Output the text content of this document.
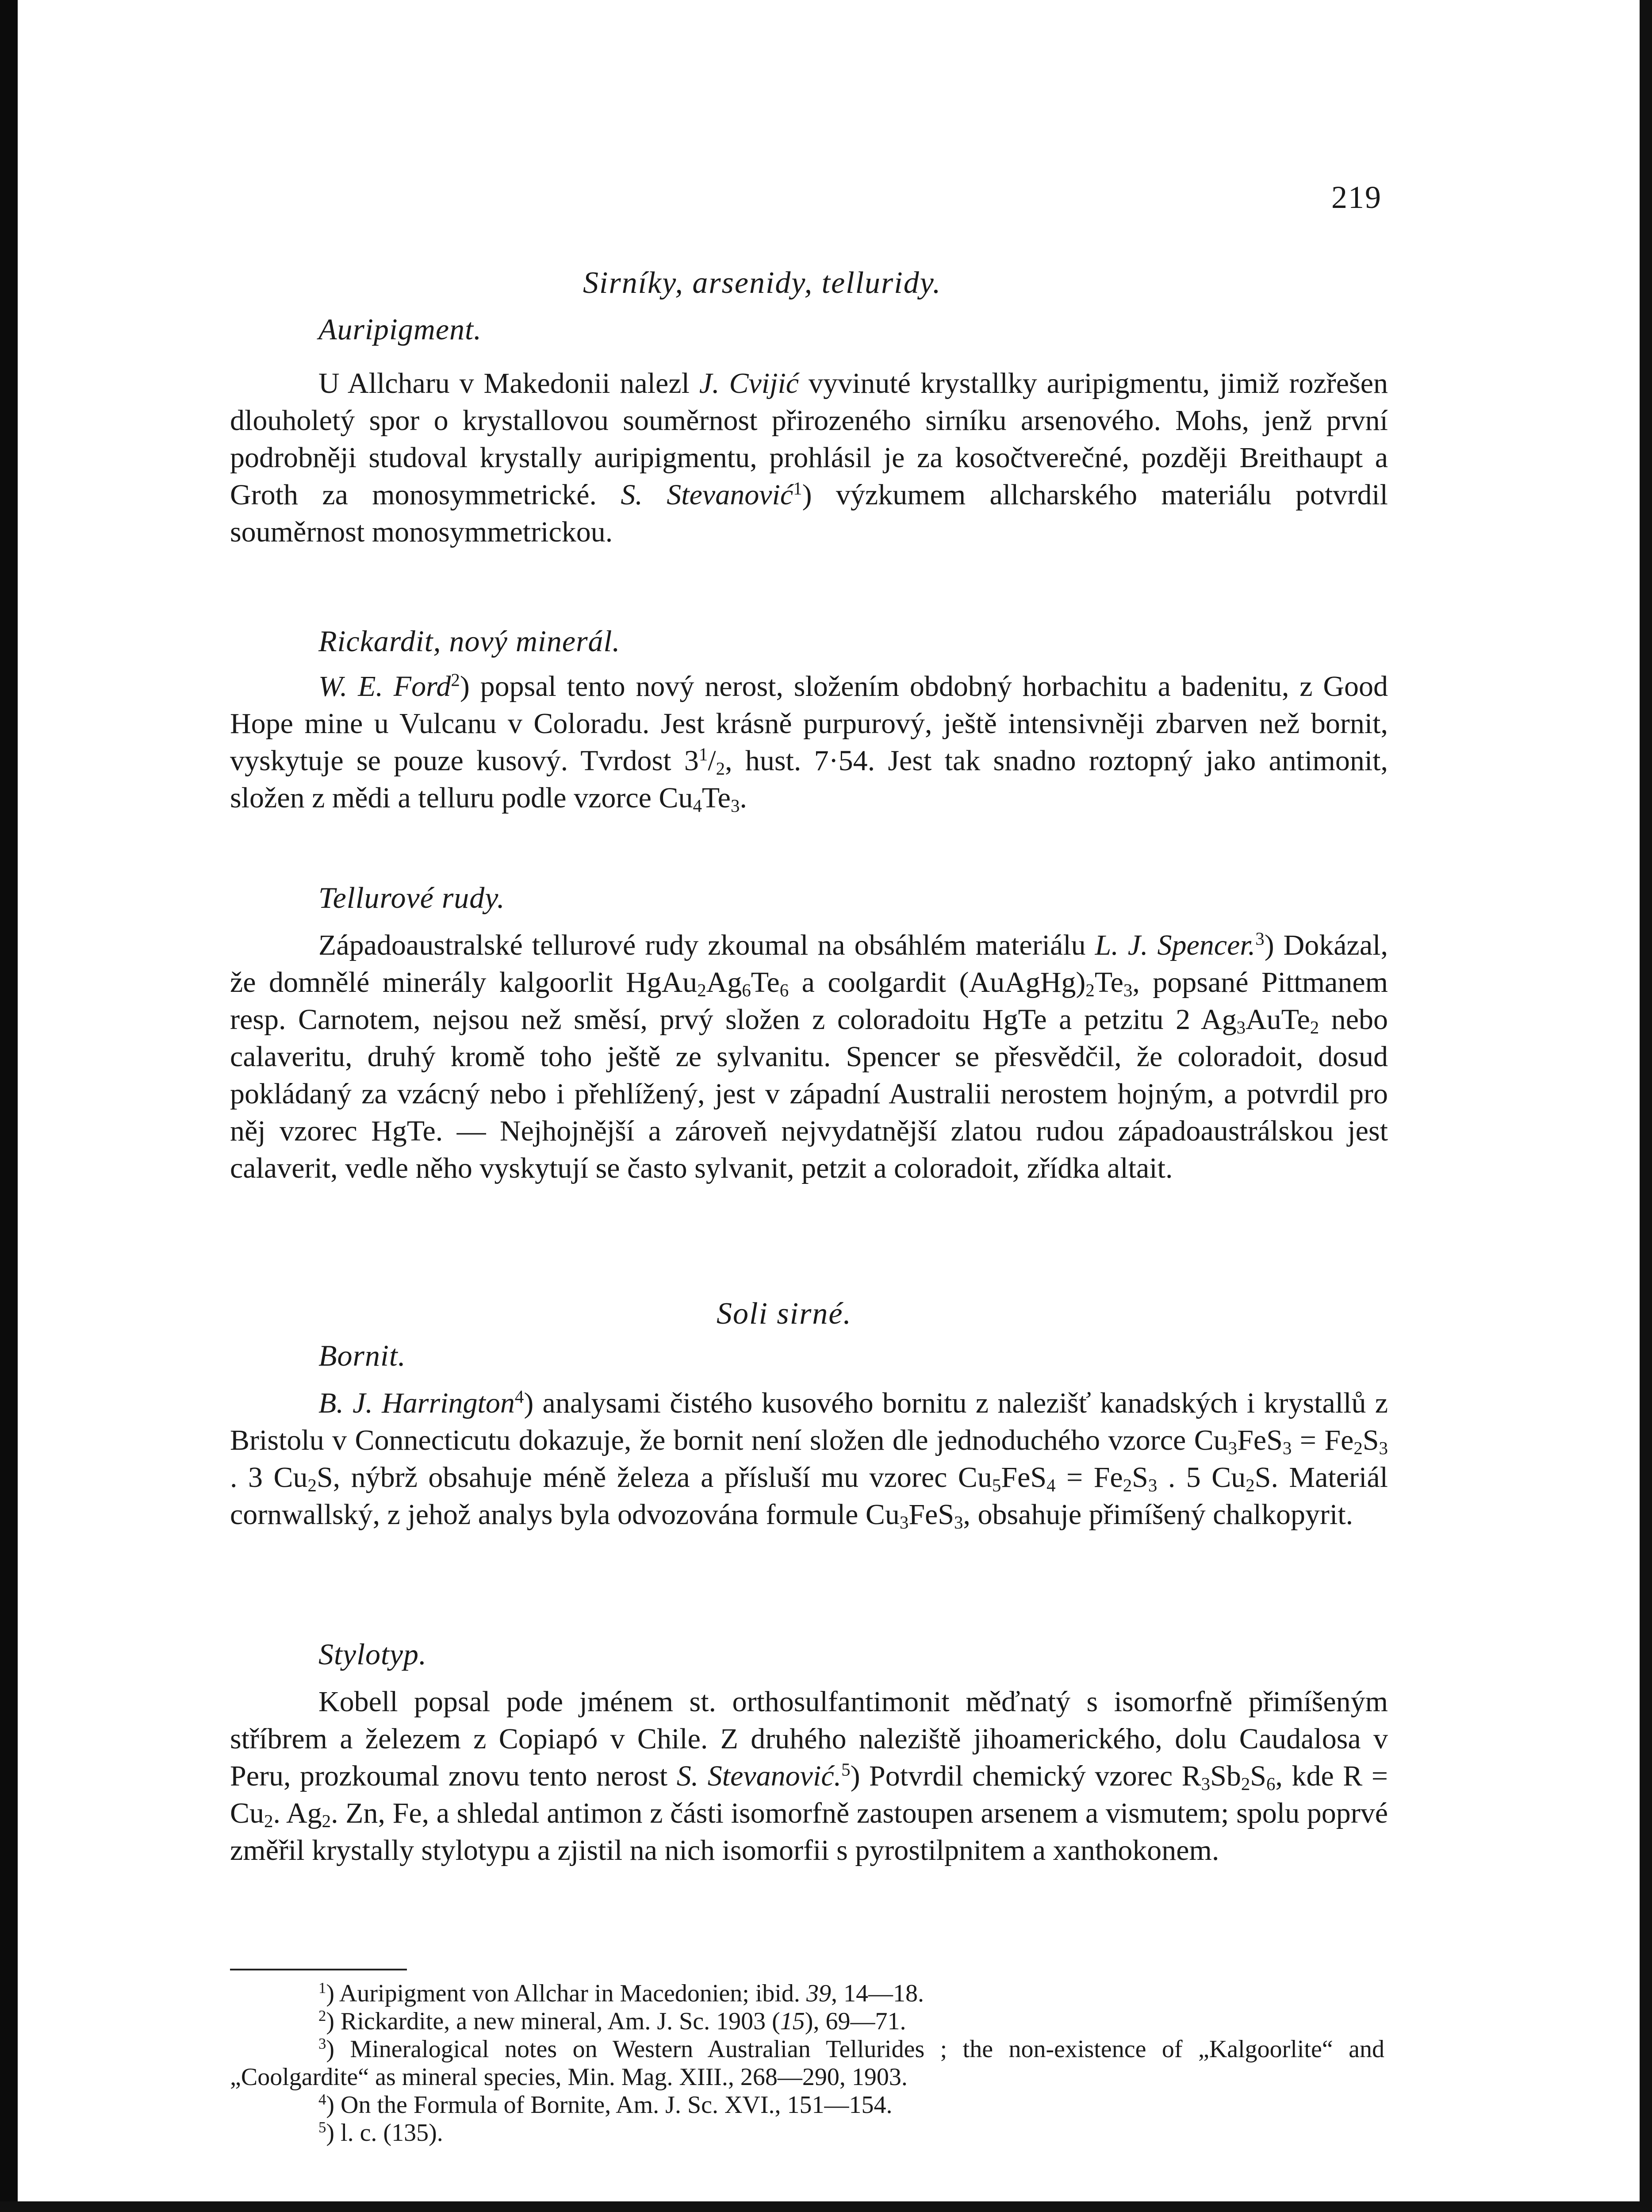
219
Sirníky, arsenidy, telluridy.
Auripigment.

U Allcharu v Makedonii nalezl J. Cvijić vyvinuté krystallky auripigmentu, jimiž rozřešen dlouholetý spor o krystallovou souměrnost přirozeného sirníku arsenového. Mohs, jenž první podrobněji studoval krystally auripigmentu, prohlásil je za kosočtverečné, později Breithaupt a Groth za monosymmetrické. S. Stevanović$^1$) výzkumem allcharského materiálu potvrdil souměrnost monosymmetrickou.

Rickardit, nový minerál.

W. E. Ford$^2$) popsal tento nový nerost, složením obdobný horbachitu a badenitu, z Good Hope mine u Vulcanu v Coloradu. Jest krásně purpurový, ještě intensivněji zbarven než bornit, vyskytuje se pouze kusový. Tvrdost $3^1/_2$, hust. 7·54. Jest tak snadno roztopný jako antimonit, složen z mědi a telluru podle vzorce $Cu_4Te_3$.

Tellurové rudy.

Západoaustralské tellurové rudy zkoumal na obsáhlém materiálu L. J. Spencer.$^3$) Dokázal, že domnělé minerály kalgoorlit $HgAu_2Ag_6Te_6$ a coolgardit $(AuAgHg)_2Te_3$, popsané Pittmanem resp. Carnotem, nejsou než směsí, prvý složen z coloradoitu HgTe a petzitu 2 $Ag_3AuTe_2$ nebo calaveritu, druhý kromě toho ještě ze sylvanitu. Spencer se přesvědčil, že coloradoit, dosud pokládaný za vzácný nebo i přehlížený, jest v západní Australii nerostem hojným, a potvrdil pro něj vzorec HgTe. — Nejhojnější a zároveň nejvydatnější zlatou rudou západoaustrálskou jest calaverit, vedle něho vyskytují se často sylvanit, petzit a coloradoit, zřídka altait.

Soli sirné.
Bornit.

B. J. Harrington$^4$) analysami čistého kusového bornitu z nalezišť kanadských i krystallů z Bristolu v Connecticutu dokazuje, že bornit není složen dle jednoduchého vzorce $Cu_3FeS_3 = Fe_2S_3$ . 3 $Cu_2S$, nýbrž obsahuje méně železa a přísluší mu vzorec $Cu_5FeS_4 = Fe_2S_3$ . 5 $Cu_2S$. Materiál cornwallský, z jehož analys byla odvozována formule $Cu_3FeS_3$, obsahuje přimíšený chalkopyrit.

Stylotyp.

Kobell popsal pode jménem st. orthosulfantimonit měďnatý s isomorfně přimíšeným stříbrem a železem z Copiapó v Chile. Z druhého naleziště jihoamerického, dolu Caudalosa v Peru, prozkoumal znovu tento nerost S. Stevanović.$^5$) Potvrdil chemický vzorec $R_3Sb_2S_6$, kde $R = Cu_2$. $Ag_2$. Zn, Fe, a shledal antimon z části isomorfně zastoupen arsenem a vismutem; spolu poprvé změřil krystally stylotypu a zjistil na nich isomorfii s pyrostilpnitem a xanthokonem.

$^1$) Auripigment von Allchar in Macedonien; ibid. 39, 14—18.

$^2$) Rickardite, a new mineral, Am. J. Sc. 1903 (15), 69—71.

$^3$) Mineralogical notes on Western Australian Tellurides ; the non-existence of „Kalgoorlite“ and „Coolgardite“ as mineral species, Min. Mag. XIII., 268—290, 1903.

$^4$) On the Formula of Bornite, Am. J. Sc. XVI., 151—154.

$^5$) l. c. (135).
